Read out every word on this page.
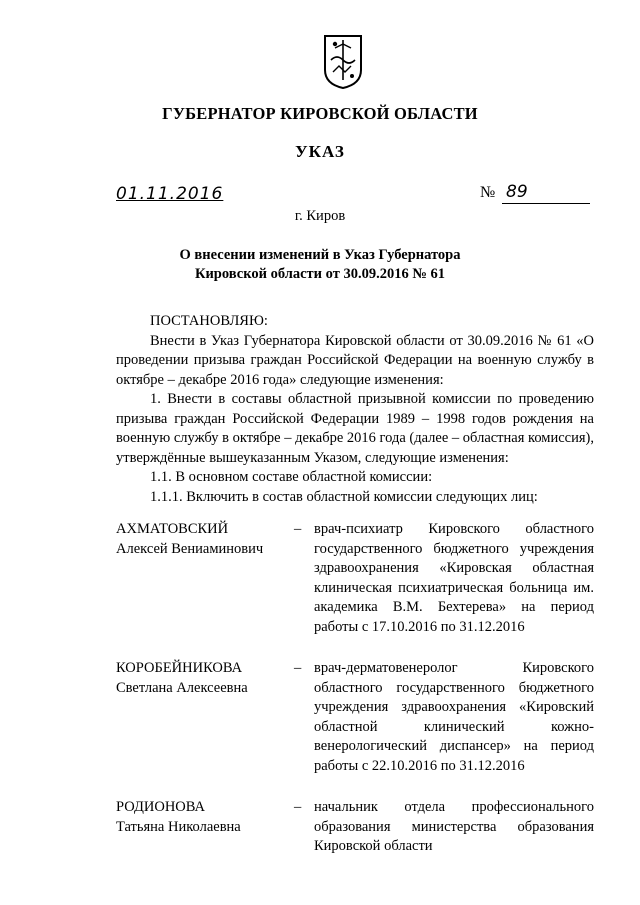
ГУБЕРНАТОР КИРОВСКОЙ ОБЛАСТИ
УКАЗ
01.11.2016	№ 89
г. Киров
О внесении изменений в Указ Губернатора
Кировской области от 30.09.2016 № 61

ПОСТАНОВЛЯЮ:

Внести в Указ Губернатора Кировской области от 30.09.2016 № 61 «О проведении призыва граждан Российской Федерации на военную службу в октябре – декабре 2016 года» следующие изменения:

1. Внести в составы областной призывной комиссии по проведению призыва граждан Российской Федерации 1989 – 1998 годов рождения на военную службу в октябре – декабре 2016 года (далее – областная комиссия), утверждённые вышеуказанным Указом, следующие изменения:

1.1. В основном составе областной комиссии:

1.1.1. Включить в состав областной комиссии следующих лиц:

АХМАТОВСКИЙ
Алексей Вениаминович
– врач-психиатр Кировского областного государственного бюджетного учреждения здравоохранения «Кировская областная клиническая психиатрическая больница им. академика В.М. Бехтерева» на период работы с 17.10.2016 по 31.12.2016
КОРОБЕЙНИКОВА
Светлана Алексеевна
– врач-дерматовенеролог Кировского областного государственного бюджетного учреждения здравоохранения «Кировский областной клинический кожно-венерологический диспансер» на период работы с 22.10.2016 по 31.12.2016
РОДИОНОВА
Татьяна Николаевна
– начальник отдела профессионального образования министерства образования Кировской области
